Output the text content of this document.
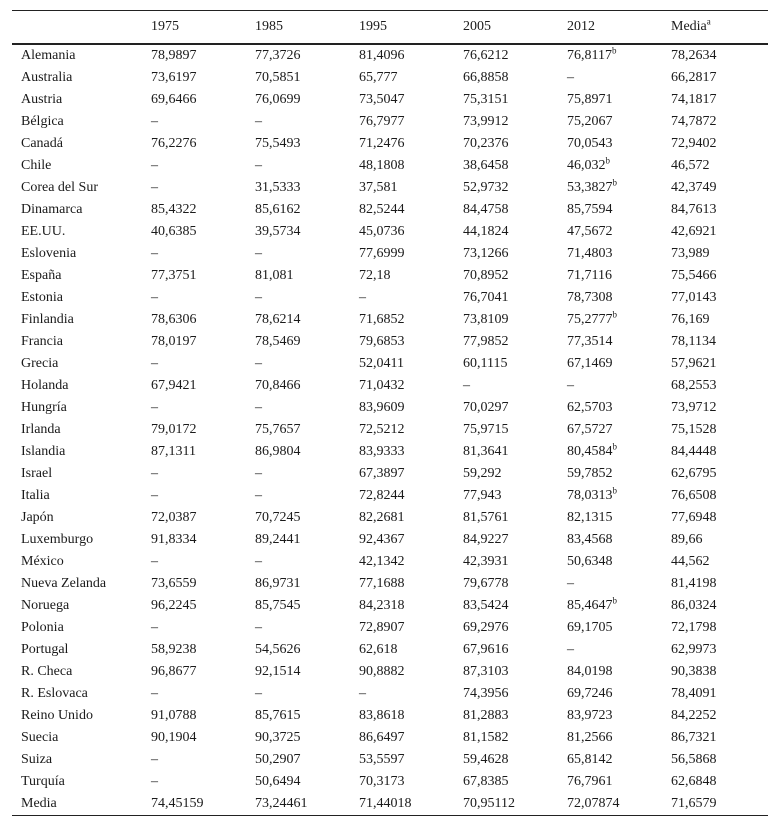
	1975	1985	1995	2005	2012	Media$^a$
Alemania	78,9897	77,3726	81,4096	76,6212	76,8117$^b$	78,2634
Australia	73,6197	70,5851	65,777	66,8858	–	66,2817
Austria	69,6466	76,0699	73,5047	75,3151	75,8971	74,1817
Bélgica	–	–	76,7977	73,9912	75,2067	74,7872
Canadá	76,2276	75,5493	71,2476	70,2376	70,0543	72,9402
Chile	–	–	48,1808	38,6458	46,032$^b$	46,572
Corea del Sur	–	31,5333	37,581	52,9732	53,3827$^b$	42,3749
Dinamarca	85,4322	85,6162	82,5244	84,4758	85,7594	84,7613
EE.UU.	40,6385	39,5734	45,0736	44,1824	47,5672	42,6921
Eslovenia	–	–	77,6999	73,1266	71,4803	73,989
España	77,3751	81,081	72,18	70,8952	71,7116	75,5466
Estonia	–	–	–	76,7041	78,7308	77,0143
Finlandia	78,6306	78,6214	71,6852	73,8109	75,2777$^b$	76,169
Francia	78,0197	78,5469	79,6853	77,9852	77,3514	78,1134
Grecia	–	–	52,0411	60,1115	67,1469	57,9621
Holanda	67,9421	70,8466	71,0432	–	–	68,2553
Hungría	–	–	83,9609	70,0297	62,5703	73,9712
Irlanda	79,0172	75,7657	72,5212	75,9715	67,5727	75,1528
Islandia	87,1311	86,9804	83,9333	81,3641	80,4584$^b$	84,4448
Israel	–	–	67,3897	59,292	59,7852	62,6795
Italia	–	–	72,8244	77,943	78,0313$^b$	76,6508
Japón	72,0387	70,7245	82,2681	81,5761	82,1315	77,6948
Luxemburgo	91,8334	89,2441	92,4367	84,9227	83,4568	89,66
México	–	–	42,1342	42,3931	50,6348	44,562
Nueva Zelanda	73,6559	86,9731	77,1688	79,6778	–	81,4198
Noruega	96,2245	85,7545	84,2318	83,5424	85,4647$^b$	86,0324
Polonia	–	–	72,8907	69,2976	69,1705	72,1798
Portugal	58,9238	54,5626	62,618	67,9616	–	62,9973
R. Checa	96,8677	92,1514	90,8882	87,3103	84,0198	90,3838
R. Eslovaca	–	–	–	74,3956	69,7246	78,4091
Reino Unido	91,0788	85,7615	83,8618	81,2883	83,9723	84,2252
Suecia	90,1904	90,3725	86,6497	81,1582	81,2566	86,7321
Suiza	–	50,2907	53,5597	59,4628	65,8142	56,5868
Turquía	–	50,6494	70,3173	67,8385	76,7961	62,6848
Media	74,45159	73,24461	71,44018	70,95112	72,07874	71,6579
